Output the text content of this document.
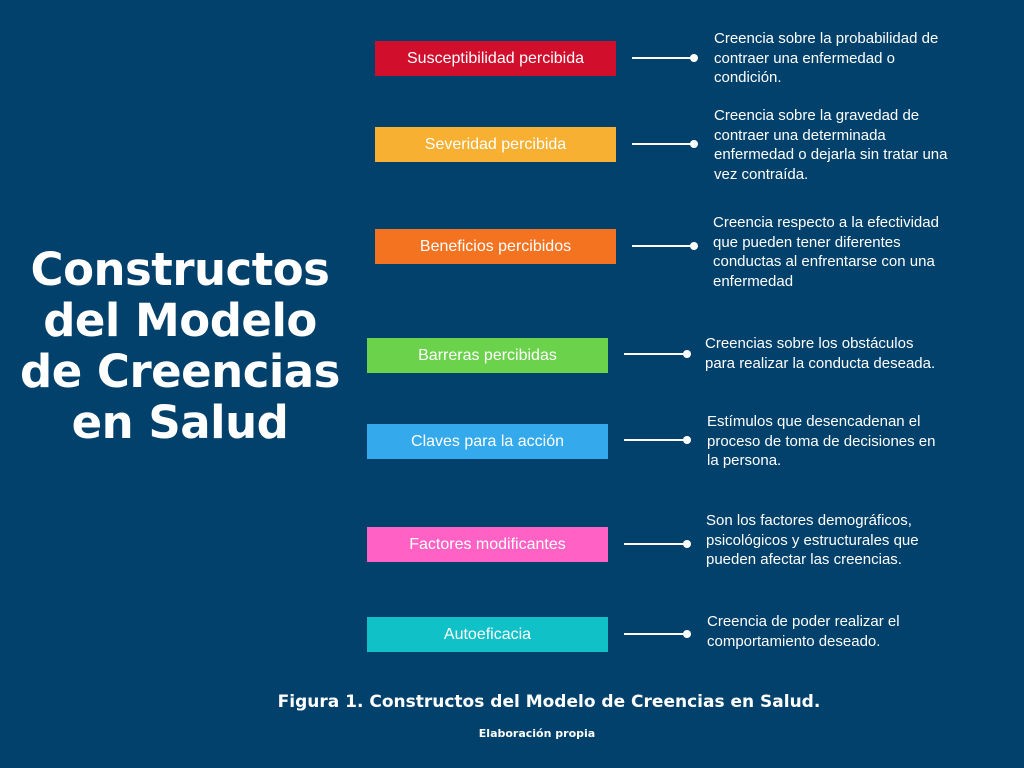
Constructos
del Modelo
de Creencias
en Salud
Susceptibilidad percibida
Creencia sobre la probabilidad de
contraer una enfermedad o
condición.
Severidad percibida
Creencia sobre la gravedad de
contraer una determinada
enfermedad o dejarla sin tratar una
vez contraída.
Beneficios percibidos
Creencia respecto a la efectividad
que pueden tener diferentes
conductas al enfrentarse con una
enfermedad
Barreras percibidas
Creencias sobre los obstáculos
para realizar la conducta deseada.
Claves para la acción
Estímulos que desencadenan el
proceso de toma de decisiones en
la persona.
Factores modificantes
Son los factores demográficos,
psicológicos y estructurales que
pueden afectar las creencias.
Autoeficacia
Creencia de poder realizar el
comportamiento deseado.
Figura 1. Constructos del Modelo de Creencias en Salud.
Elaboración propia
